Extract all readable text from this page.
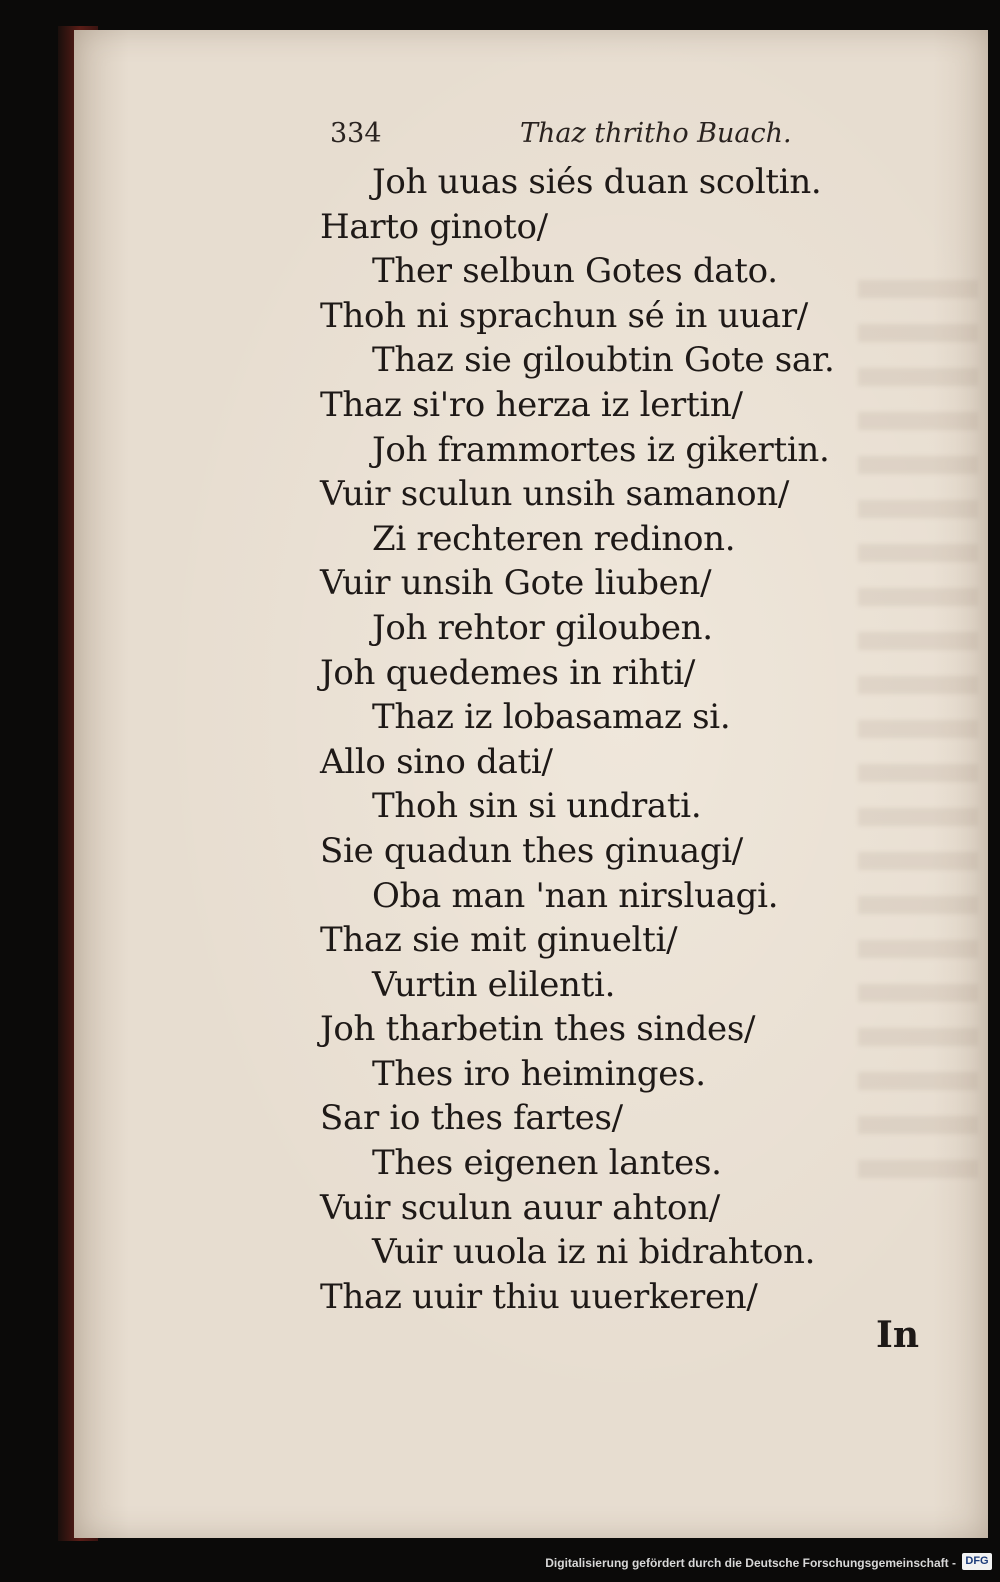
334	Thaz thritho Buach.
Joh uuas siés duan scoltin.
Harto ginoto/
Ther selbun Gotes dato.
Thoh ni sprachun sé in uuar/
Thaz sie giloubtin Gote sar.
Thaz si'ro herza iz lertin/
Joh frammortes iz gikertin.
Vuir sculun unsih samanon/
Zi rechteren redinon.
Vuir unsih Gote liuben/
Joh rehtor gilouben.
Joh quedemes in rihti/
Thaz iz lobasamaz si.
Allo sino dati/
Thoh sin si undrati.
Sie quadun thes ginuagi/
Oba man 'nan nirsluagi.
Thaz sie mit ginuelti/
Vurtin elilenti.
Joh tharbetin thes sindes/
Thes iro heiminges.
Sar io thes fartes/
Thes eigenen lantes.
Vuir sculun auur ahton/
Vuir uuola iz ni bidrahton.
Thaz uuir thiu uuerkeren/
In
Digitalisierung gefördert durch die Deutsche Forschungsgemeinschaft - DFG
